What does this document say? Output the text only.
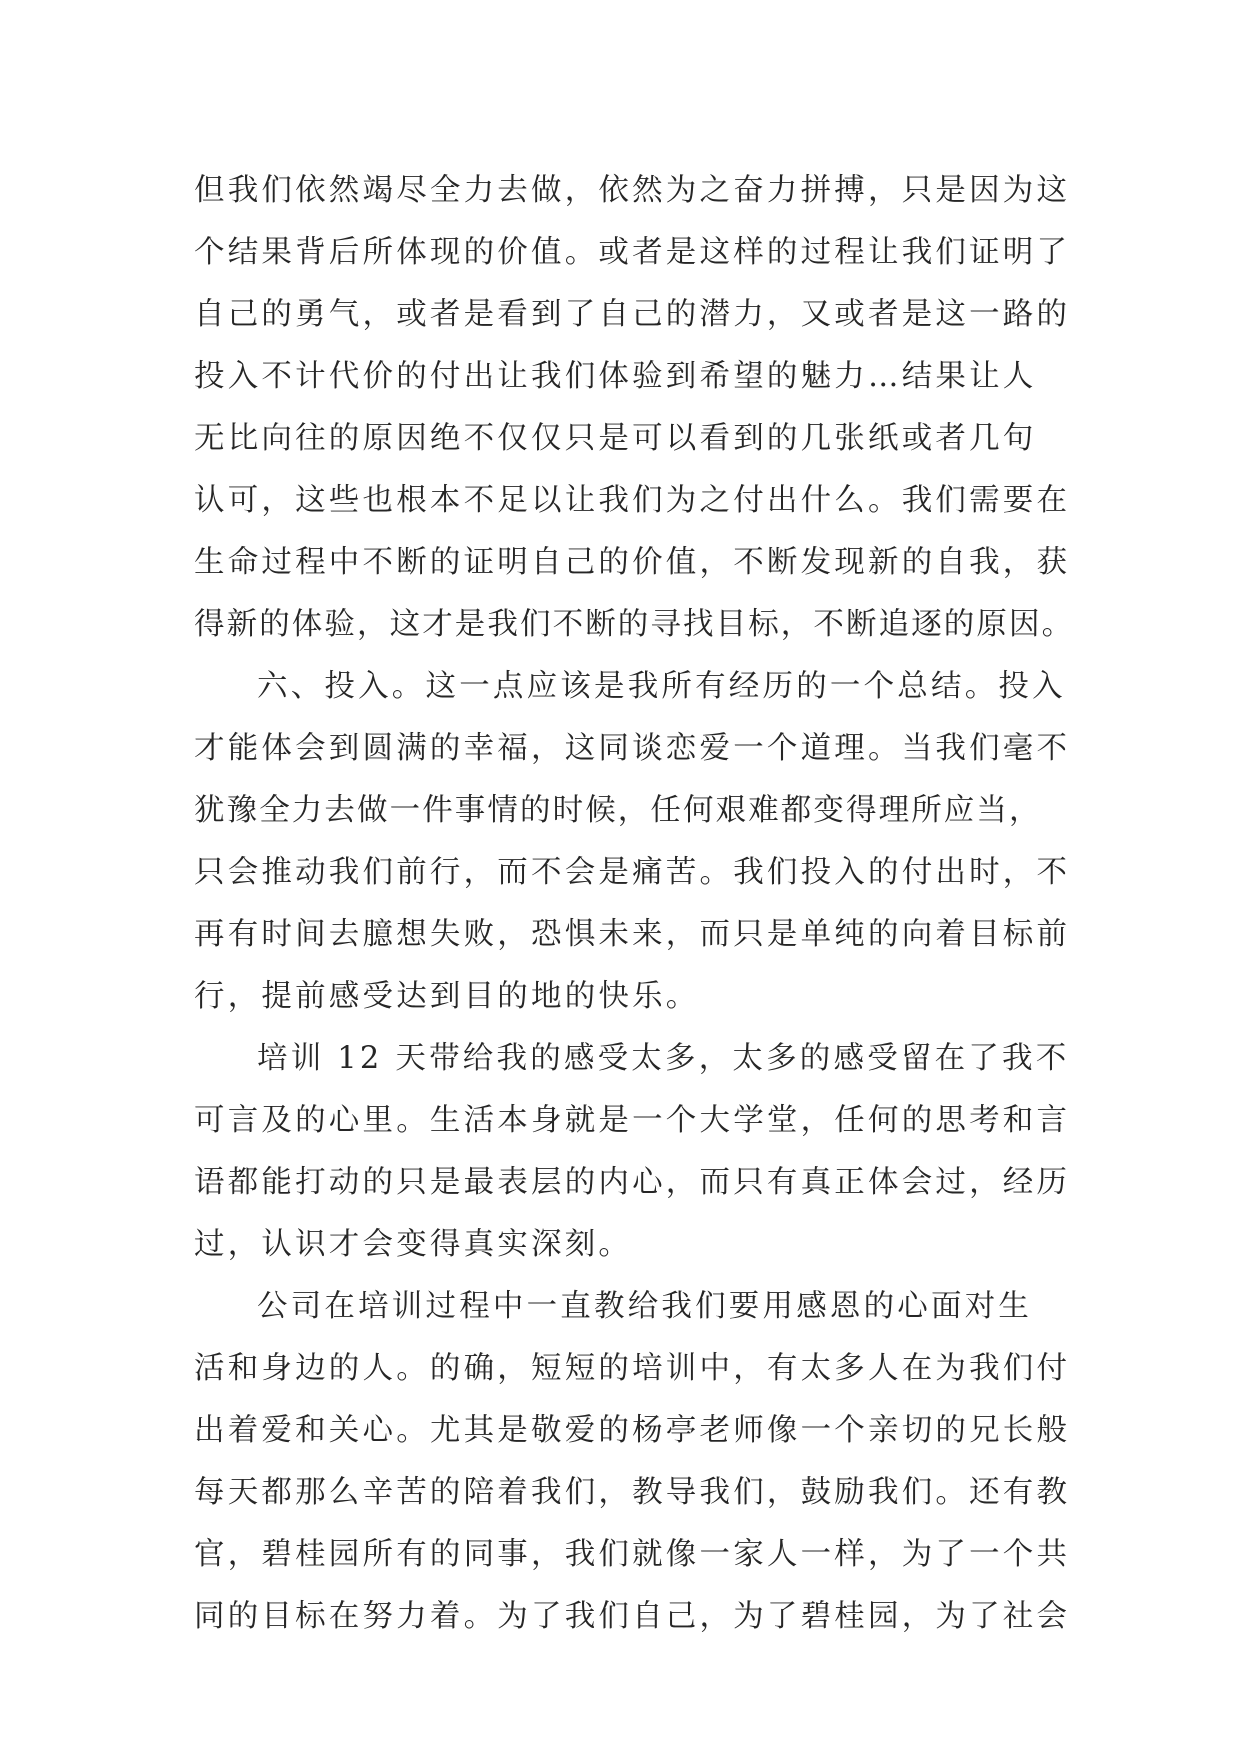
但我们依然竭尽全力去做，依然为之奋力拼搏，只是因为这
个结果背后所体现的价值。或者是这样的过程让我们证明了
自己的勇气，或者是看到了自己的潜力，又或者是这一路的
投入不计代价的付出让我们体验到希望的魅力…结果让人
无比向往的原因绝不仅仅只是可以看到的几张纸或者几句
认可，这些也根本不足以让我们为之付出什么。我们需要在
生命过程中不断的证明自己的价值，不断发现新的自我，获
得新的体验，这才是我们不断的寻找目标，不断追逐的原因。
六、投入。这一点应该是我所有经历的一个总结。投入
才能体会到圆满的幸福，这同谈恋爱一个道理。当我们毫不
犹豫全力去做一件事情的时候，任何艰难都变得理所应当，
只会推动我们前行，而不会是痛苦。我们投入的付出时，不
再有时间去臆想失败，恐惧未来，而只是单纯的向着目标前
行，提前感受达到目的地的快乐。
培训 12 天带给我的感受太多，太多的感受留在了我不
可言及的心里。生活本身就是一个大学堂，任何的思考和言
语都能打动的只是最表层的内心，而只有真正体会过，经历
过，认识才会变得真实深刻。
公司在培训过程中一直教给我们要用感恩的心面对生
活和身边的人。的确，短短的培训中，有太多人在为我们付
出着爱和关心。尤其是敬爱的杨亭老师像一个亲切的兄长般
每天都那么辛苦的陪着我们，教导我们，鼓励我们。还有教
官，碧桂园所有的同事，我们就像一家人一样，为了一个共
同的目标在努力着。为了我们自己，为了碧桂园，为了社会
